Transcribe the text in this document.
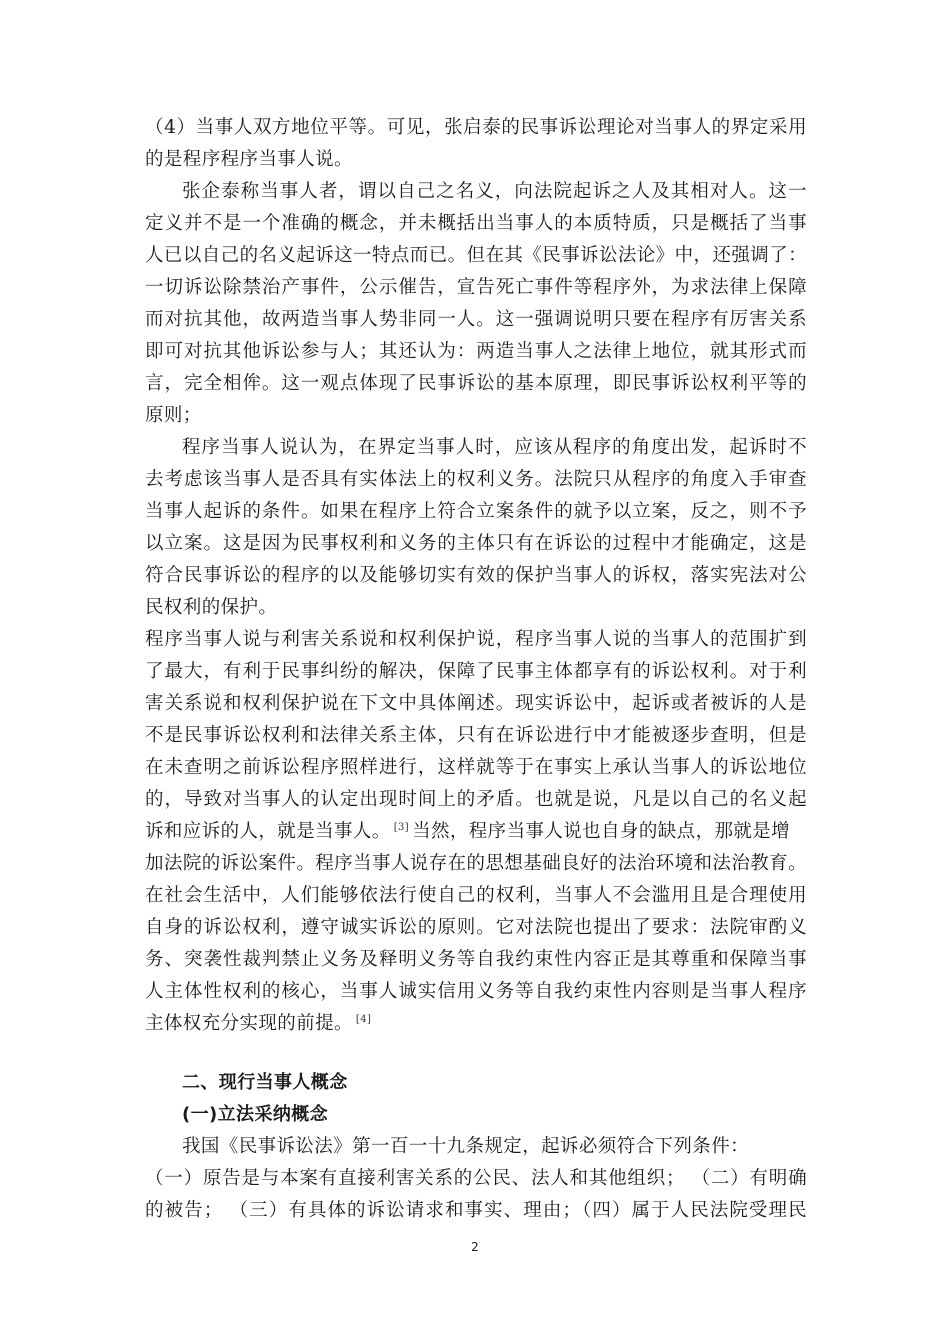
（4）当事人双方地位平等。可见，张启泰的民事诉讼理论对当事人的界定采用
的是程序程序当事人说。
张企泰称当事人者，谓以自己之名义，向法院起诉之人及其相对人。这一
定义并不是一个准确的概念，并未概括出当事人的本质特质，只是概括了当事
人已以自己的名义起诉这一特点而已。但在其《民事诉讼法论》中，还强调了：
一切诉讼除禁治产事件，公示催告，宣告死亡事件等程序外，为求法律上保障
而对抗其他，故两造当事人势非同一人。这一强调说明只要在程序有厉害关系
即可对抗其他诉讼参与人；其还认为：两造当事人之法律上地位，就其形式而
言，完全相侔。这一观点体现了民事诉讼的基本原理，即民事诉讼权利平等的
原则；
程序当事人说认为，在界定当事人时，应该从程序的角度出发，起诉时不
去考虑该当事人是否具有实体法上的权利义务。法院只从程序的角度入手审查
当事人起诉的条件。如果在程序上符合立案条件的就予以立案，反之，则不予
以立案。这是因为民事权利和义务的主体只有在诉讼的过程中才能确定，这是
符合民事诉讼的程序的以及能够切实有效的保护当事人的诉权，落实宪法对公
民权利的保护。
程序当事人说与利害关系说和权利保护说，程序当事人说的当事人的范围扩到
了最大，有利于民事纠纷的解决，保障了民事主体都享有的诉讼权利。对于利
害关系说和权利保护说在下文中具体阐述。现实诉讼中，起诉或者被诉的人是
不是民事诉讼权利和法律关系主体，只有在诉讼进行中才能被逐步查明，但是
在未查明之前诉讼程序照样进行，这样就等于在事实上承认当事人的诉讼地位
的，导致对当事人的认定出现时间上的矛盾。也就是说，凡是以自己的名义起
诉和应诉的人，就是当事人。 [3] 当然，程序当事人说也自身的缺点，那就是增
加法院的诉讼案件。程序当事人说存在的思想基础良好的法治环境和法治教育。
在社会生活中，人们能够依法行使自己的权利，当事人不会滥用且是合理使用
自身的诉讼权利，遵守诚实诉讼的原则。它对法院也提出了要求：法院审酌义
务、突袭性裁判禁止义务及释明义务等自我约束性内容正是其尊重和保障当事
人主体性权利的核心，当事人诚实信用义务等自我约束性内容则是当事人程序
主体权充分实现的前提。 [4]
二、现行当事人概念
(一)立法采纳概念
我国《民事诉讼法》第一百一十九条规定，起诉必须符合下列条件：
（一）原告是与本案有直接利害关系的公民、法人和其他组织； （二）有明确
的被告； （三）有具体的诉讼请求和事实、理由；（四）属于人民法院受理民
2
